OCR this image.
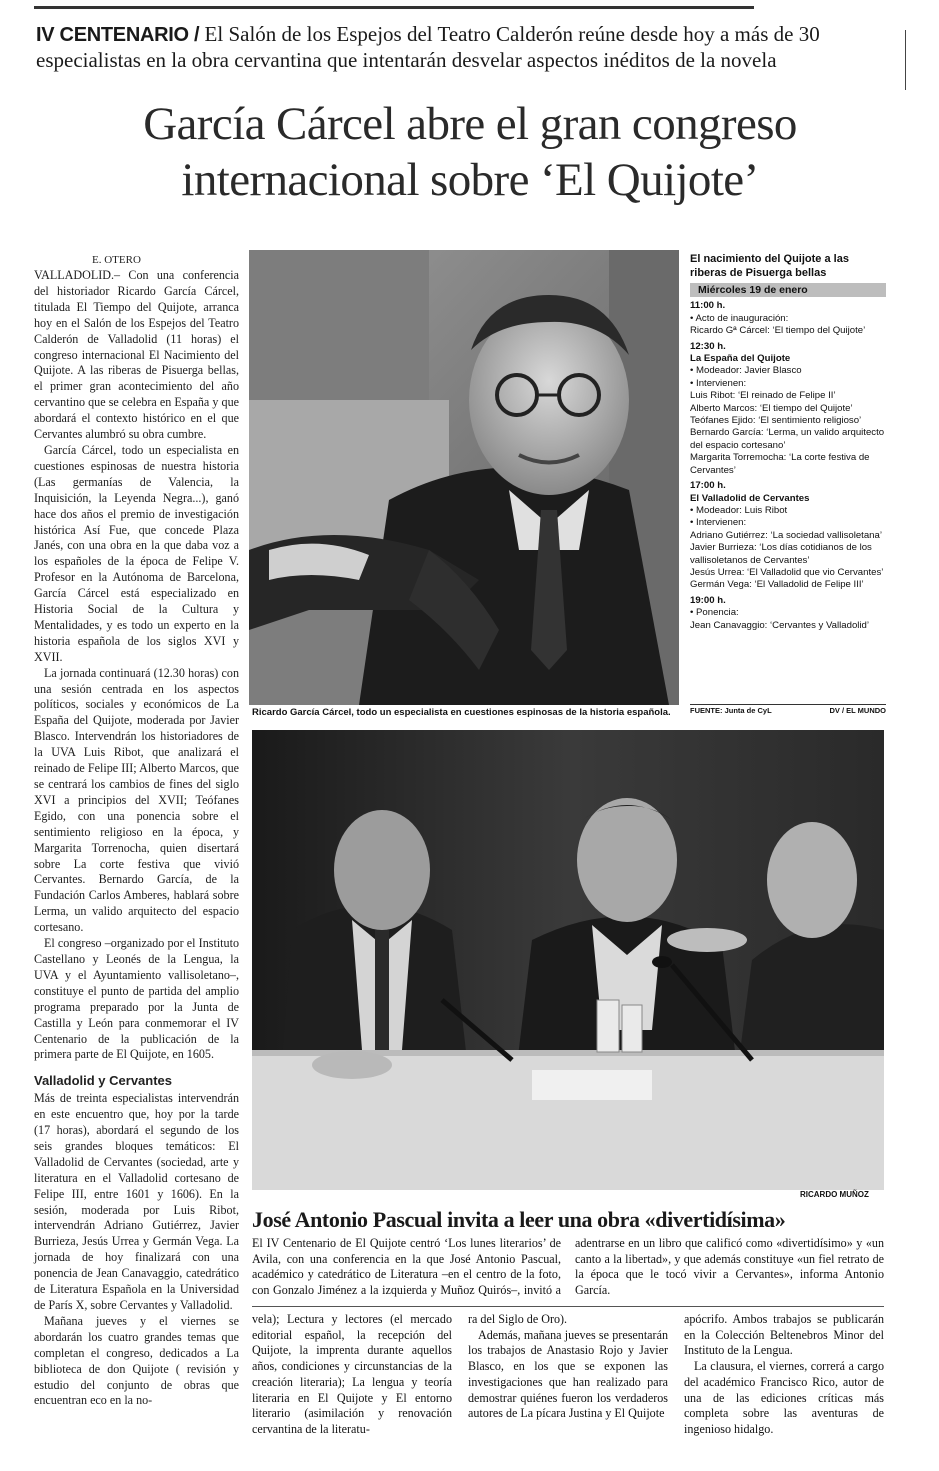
IV CENTENARIO / El Salón de los Espejos del Teatro Calderón reúne desde hoy a más de 30 especialistas en la obra cervantina que intentarán desvelar aspectos inéditos de la novela
García Cárcel abre el gran congreso
internacional sobre ‘El Quijote’
E. OTERO

VALLADOLID.– Con una conferencia del historiador Ricardo García Cárcel, titulada El Tiempo del Quijote, arranca hoy en el Salón de los Espejos del Teatro Calderón de Valladolid (11 horas) el congreso internacional El Nacimiento del Quijote. A las riberas de Pisuerga bellas, el primer gran acontecimiento del año cervantino que se celebra en España y que abordará el contexto histórico en el que Cervantes alumbró su obra cumbre.

García Cárcel, todo un especialista en cuestiones espinosas de nuestra historia (Las germanías de Valencia, la Inquisición, la Leyenda Negra...), ganó hace dos años el premio de investigación histórica Así Fue, que concede Plaza Janés, con una obra en la que daba voz a los españoles de la época de Felipe V. Profesor en la Autónoma de Barcelona, García Cárcel está especializado en Historia Social de la Cultura y Mentalidades, y es todo un experto en la historia española de los siglos XVI y XVII.

La jornada continuará (12.30 horas) con una sesión centrada en los aspectos políticos, sociales y económicos de La España del Quijote, moderada por Javier Blasco. Intervendrán los historiadores de la UVA Luis Ribot, que analizará el reinado de Felipe III; Alberto Marcos, que se centrará los cambios de fines del siglo XVI a principios del XVII; Teófanes Egido, con una ponencia sobre el sentimiento religioso en la época, y Margarita Torrenocha, quien disertará sobre La corte festiva que vivió Cervantes. Bernardo García, de la Fundación Carlos Amberes, hablará sobre Lerma, un valido arquitecto del espacio cortesano.

El congreso –organizado por el Instituto Castellano y Leonés de la Lengua, la UVA y el Ayuntamiento vallisoletano–, constituye el punto de partida del amplio programa preparado por la Junta de Castilla y León para conmemorar el IV Centenario de la publicación de la primera parte de El Quijote, en 1605.

Valladolid y Cervantes

Más de treinta especialistas intervendrán en este encuentro que, hoy por la tarde (17 horas), abordará el segundo de los seis grandes bloques temáticos: El Valladolid de Cervantes (sociedad, arte y literatura en el Valladolid cortesano de Felipe III, entre 1601 y 1606). En la sesión, moderada por Luis Ribot, intervendrán Adriano Gutiérrez, Javier Burrieza, Jesús Urrea y Germán Vega. La jornada de hoy finalizará con una ponencia de Jean Canavaggio, catedrático de Literatura Española en la Universidad de París X, sobre Cervantes y Valladolid.

Mañana jueves y el viernes se abordarán los cuatro grandes temas que completan el congreso, dedicados a La biblioteca de don Quijote ( revisión y estudio del conjunto de obras que encuentran eco en la no-

Ricardo García Cárcel, todo un especialista en cuestiones espinosas de la historia española.
El nacimiento del Quijote a las riberas de Pisuerga bellas
Miércoles 19 de enero
11:00 h.
• Acto de inauguración:
Ricardo Gª Cárcel: ‘El tiempo del Quijote’
12:30 h.
La España del Quijote
• Modeador: Javier Blasco
• Intervienen:
Luis Ribot: ‘El reinado de Felipe II’
Alberto Marcos: ‘El tiempo del Quijote’
Teófanes Ejido: ‘El sentimiento religioso’
Bernardo García: ‘Lerma, un valido arquitecto del espacio cortesano’
Margarita Torremocha: ‘La corte festiva de Cervantes’
17:00 h.
El Valladolid de Cervantes
• Modeador: Luis Ribot
• Intervienen:
Adriano Gutiérrez: ‘La sociedad vallisoletana’
Javier Burrieza: ‘Los días cotidianos de los vallisoletanos de Cervantes’
Jesús Urrea: ‘El Valladolid que vio Cervantes’
Germán Vega: ‘El Valladolid de Felipe III’
19:00 h.
• Ponencia:
Jean Canavaggio: ‘Cervantes y Valladolid’
FUENTE: Junta de CyL	DV / EL MUNDO
RICARDO MUÑOZ
José Antonio Pascual invita a leer una obra «divertidísima»

El IV Centenario de El Quijote centró ‘Los lunes literarios’ de Avila, con una conferencia en la que José Antonio Pascual, académico y catedrático de Literatura –en el centro de la foto, con Gonzalo Jiménez a la izquierda y Muñoz Quirós–, invitó a adentrarse en un libro que calificó como «divertidísimo» y «un canto a la libertad», y que además constituye «un fiel retrato de la época que le tocó vivir a Cervantes», informa Antonio García.

vela); Lectura y lectores (el mercado editorial español, la recepción del Quijote, la imprenta durante aquellos años, condiciones y circunstancias de la creación literaria); La lengua y teoría literaria en El Quijote y El entorno literario (asimilación y renovación cervantina de la literatu-

ra del Siglo de Oro).

Además, mañana jueves se presentarán los trabajos de Anastasio Rojo y Javier Blasco, en los que se exponen las investigaciones que han realizado para demostrar quiénes fueron los verdaderos autores de La pícara Justina y El Quijote

apócrifo. Ambos trabajos se publicarán en la Colección Beltenebros Minor del Instituto de la Lengua.

La clausura, el viernes, correrá a cargo del académico Francisco Rico, autor de una de las ediciones críticas más completa sobre las aventuras de ingenioso hidalgo.
